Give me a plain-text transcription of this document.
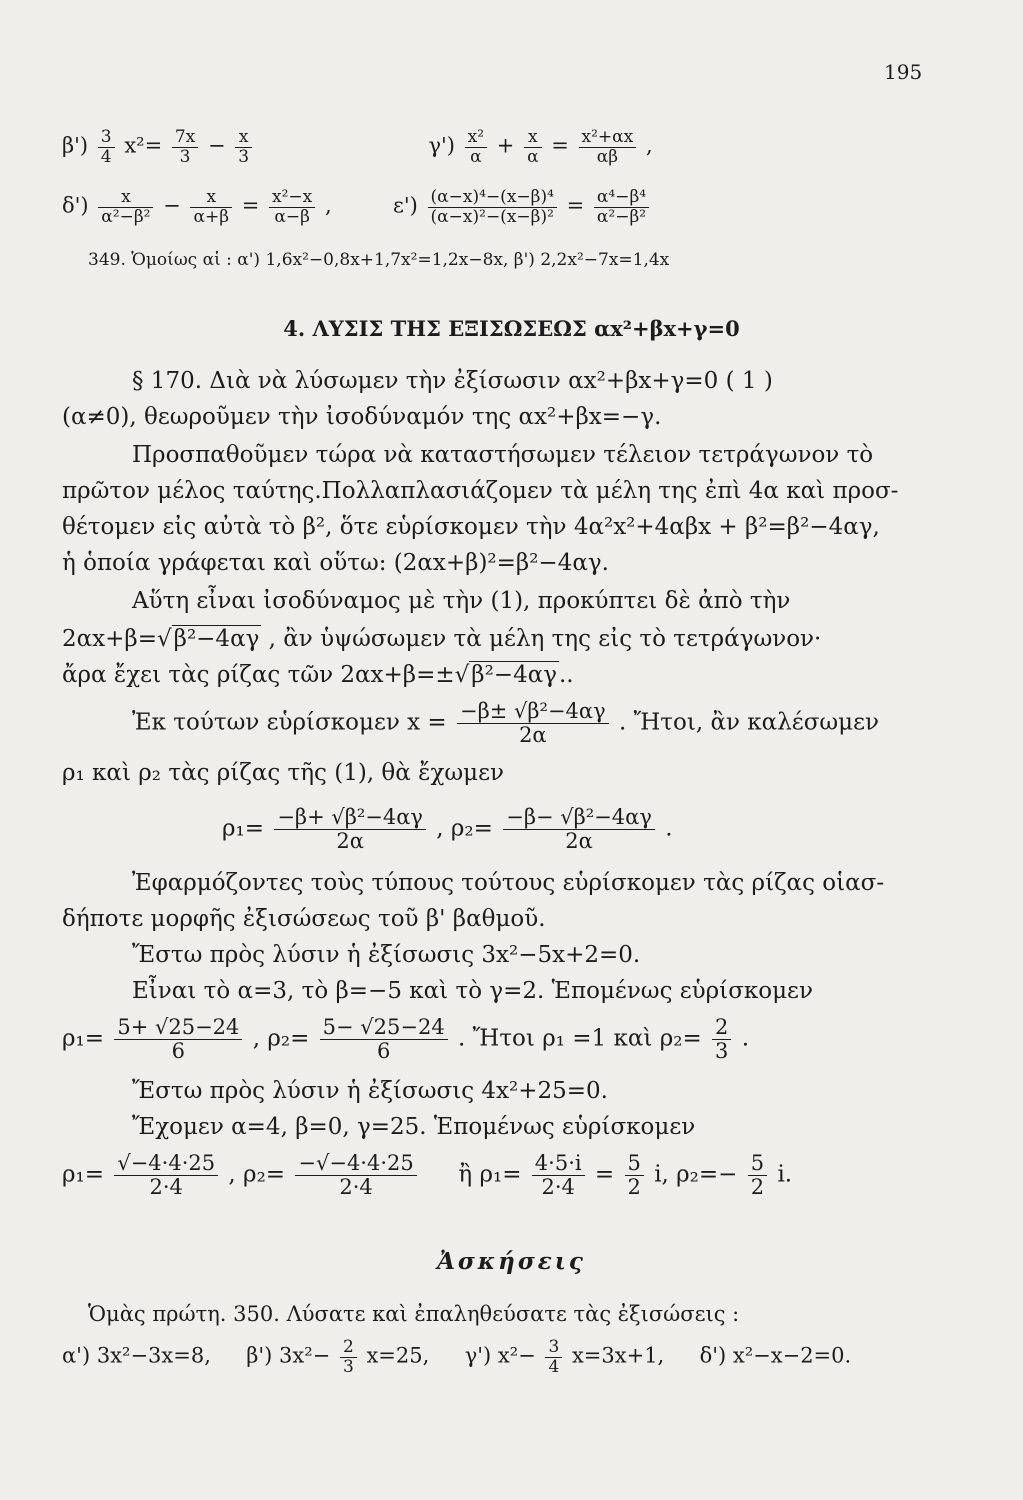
195
$\beta') \frac{3}{4} x^2= \frac{7x}{3} - \frac{x}{3}$	$\gamma') \frac{\text{x²}}{\alpha} + \frac{x}{\alpha} = \frac{\text{x²+αx}}{\alpha\beta}$ ,
$\delta') \frac{x}{\text{α²−β²}} - \frac{x}{\alpha+\beta} = \frac{\text{x²−x}}{\alpha-\beta}$ ,	$\varepsilon') \frac{\text{(α−x)⁴−(x−β)⁴}}{\text{(α−x)²−(x−β)²}} = \frac{\text{α⁴−β⁴}}{\text{α²−β²}}$
349. Ὁμοίως αἱ : α') 1,6x²−0,8x+1,7x²=1,2x−8x, β') 2,2x²−7x=1,4x
4. ΛΥΣΙΣ ΤΗΣ ΕΞΙΣΩΣΕΩΣ αx²+βx+γ=0
§ 170. Διὰ νὰ λύσωμεν τὴν ἐξίσωσιν αx²+βx+γ=0 ( 1 )
(α≠0), θεωροῦμεν τὴν ἰσοδύναμόν της αx²+βx=−γ.
Προσπαθοῦμεν τώρα νὰ καταστήσωμεν τέλειον τετράγωνον τὸ
πρῶτον μέλος ταύτης.Πολλαπλασιάζομεν τὰ μέλη της ἐπὶ 4α καὶ προσ-
θέτομεν εἰς αὐτὰ τὸ β², ὅτε εὑρίσκομεν τὴν 4α²x²+4αβx + β²=β²−4αγ,
ἡ ὁποία γράφεται καὶ οὕτω: (2αx+β)²=β²−4αγ.
Αὕτη εἶναι ἰσοδύναμος μὲ τὴν (1), προκύπτει δὲ ἀπὸ τὴν
2αx+β=√β²−4αγ , ἂν ὑψώσωμεν τὰ μέλη της εἰς τὸ τετράγωνον·
ἄρα ἔχει τὰς ρίζας τῶν 2αx+β=±√β²−4αγ..
Ἐκ τούτων εὑρίσκομεν $x = \frac{\text{−β± √β²−4αγ}}{2\alpha}$ . Ἤτοι, ἂν καλέσωμεν
ρ₁ καὶ ρ₂ τὰς ρίζας τῆς (1), θὰ ἔχωμεν
$\rho_1= \frac{\text{−β+ √β²−4αγ}}{2\alpha}$ , $\rho_2= \frac{\text{−β− √β²−4αγ}}{2\alpha}$ .
Ἐφαρμόζοντες τοὺς τύπους τούτους εὑρίσκομεν τὰς ρίζας οἱασ-
δήποτε μορφῆς ἐξισώσεως τοῦ β' βαθμοῦ.
Ἔστω πρὸς λύσιν ἡ ἐξίσωσις 3x²−5x+2=0.
Εἶναι τὸ α=3, τὸ β=−5 καὶ τὸ γ=2. Ἑπομένως εὑρίσκομεν
$\rho_1= \frac{5+ √25-24}{6}$ , $\rho_2= \frac{5- √25-24}{6}$ . Ἤτοι ρ₁ =1 καὶ $\rho_2= \frac{2}{3}$ .
Ἔστω πρὸς λύσιν ἡ ἐξίσωσις 4x²+25=0.
Ἔχομεν α=4, β=0, γ=25. Ἑπομένως εὑρίσκομεν
$\rho_1= \frac{√-4\cdot 4\cdot 25}{2\cdot 4}$ , $\rho_2= \frac{-√-4\cdot 4\cdot 25}{2\cdot 4}$ ἢ $\rho_1= \frac{4\cdot 5\cdot i}{2\cdot 4} = \frac{5}{2} i$, $\rho_2=- \frac{5}{2} i$.
Ἀσκήσεις
Ὁμὰς πρώτη. 350. Λύσατε καὶ ἐπαληθεύσατε τὰς ἐξισώσεις :
α') 3x²−3x=8, β') $3x^2- \frac{2}{3} x=25$, γ') $x^2- \frac{3}{4} x=3x+1$, δ') x²−x−2=0.
